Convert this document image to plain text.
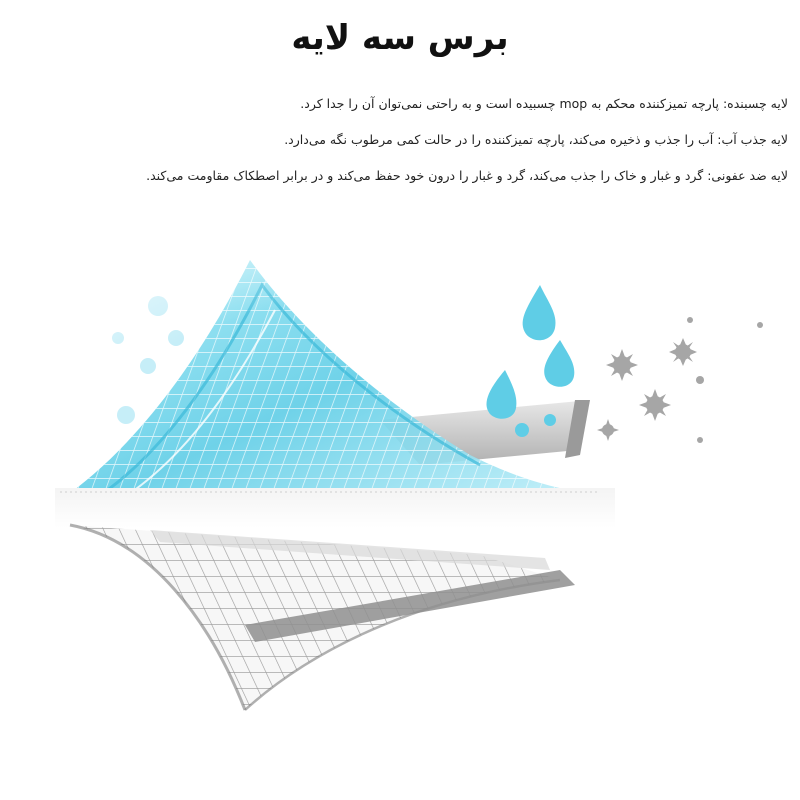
برس سه لایه
لایه چسبنده: پارچه تمیزکننده محکم به mop چسبیده است و به راحتی نمی‌توان آن را جدا کرد.
لایه جذب آب: آب را جذب و ذخیره می‌کند، پارچه تمیزکننده را در حالت کمی مرطوب نگه می‌دارد.
لایه ضد عفونی: گرد و غبار و خاک را جذب می‌کند، گرد و غبار را درون خود حفظ می‌کند و در برابر اصطکاک مقاومت می‌کند.
